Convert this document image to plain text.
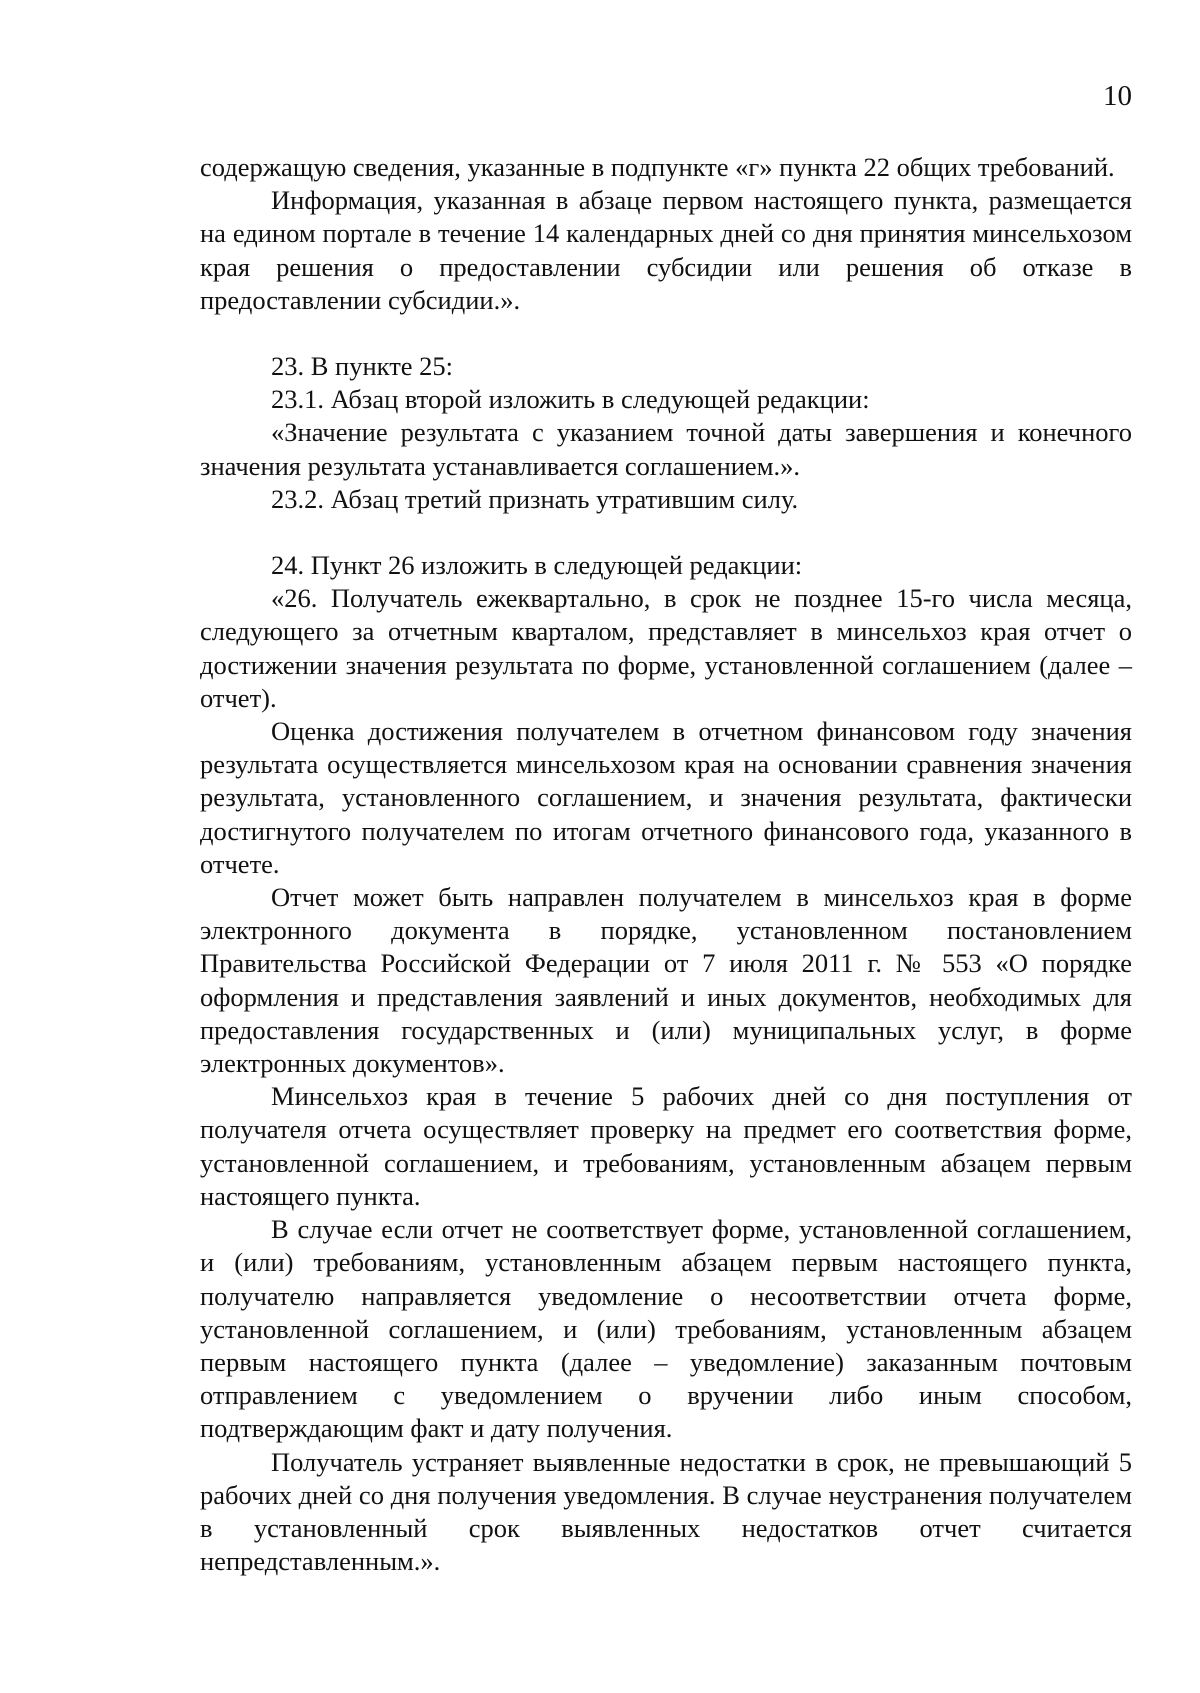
10

содержащую сведения, указанные в подпункте «г» пункта 22 общих требований.

Информация, указанная в абзаце первом настоящего пункта, размещается на едином портале в течение 14 календарных дней со дня принятия минсельхозом края решения о предоставлении субсидии или решения об отказе в предоставлении субсидии.».

23. В пункте 25:

23.1. Абзац второй изложить в следующей редакции:

«Значение результата с указанием точной даты завершения и конечного значения результата устанавливается соглашением.».

23.2. Абзац третий признать утратившим силу.

24. Пункт 26 изложить в следующей редакции:

«26. Получатель ежеквартально, в срок не позднее 15-го числа месяца, следующего за отчетным кварталом, представляет в минсельхоз края отчет о достижении значения результата по форме, установленной соглашением (далее – отчет).

Оценка достижения получателем в отчетном финансовом году значения результата осуществляется минсельхозом края на основании сравнения значения результата, установленного соглашением, и значения результата, фактически достигнутого получателем по итогам отчетного финансового года, указанного в отчете.

Отчет может быть направлен получателем в минсельхоз края в форме электронного документа в порядке, установленном постановлением Правительства Российской Федерации от 7 июля 2011 г. № 553 «О порядке оформления и представления заявлений и иных документов, необходимых для предоставления государственных и (или) муниципальных услуг, в форме электронных документов».

Минсельхоз края в течение 5 рабочих дней со дня поступления от получателя отчета осуществляет проверку на предмет его соответствия форме, установленной соглашением, и требованиям, установленным абзацем первым настоящего пункта.

В случае если отчет не соответствует форме, установленной соглашением, и (или) требованиям, установленным абзацем первым настоящего пункта, получателю направляется уведомление о несоответствии отчета форме, установленной соглашением, и (или) требованиям, установленным абзацем первым настоящего пункта (далее – уведомление) заказанным почтовым отправлением с уведомлением о вручении либо иным способом, подтверждающим факт и дату получения.

Получатель устраняет выявленные недостатки в срок, не превышающий 5 рабочих дней со дня получения уведомления. В случае неустранения получателем в установленный срок выявленных недостатков отчет считается непредставленным.».
